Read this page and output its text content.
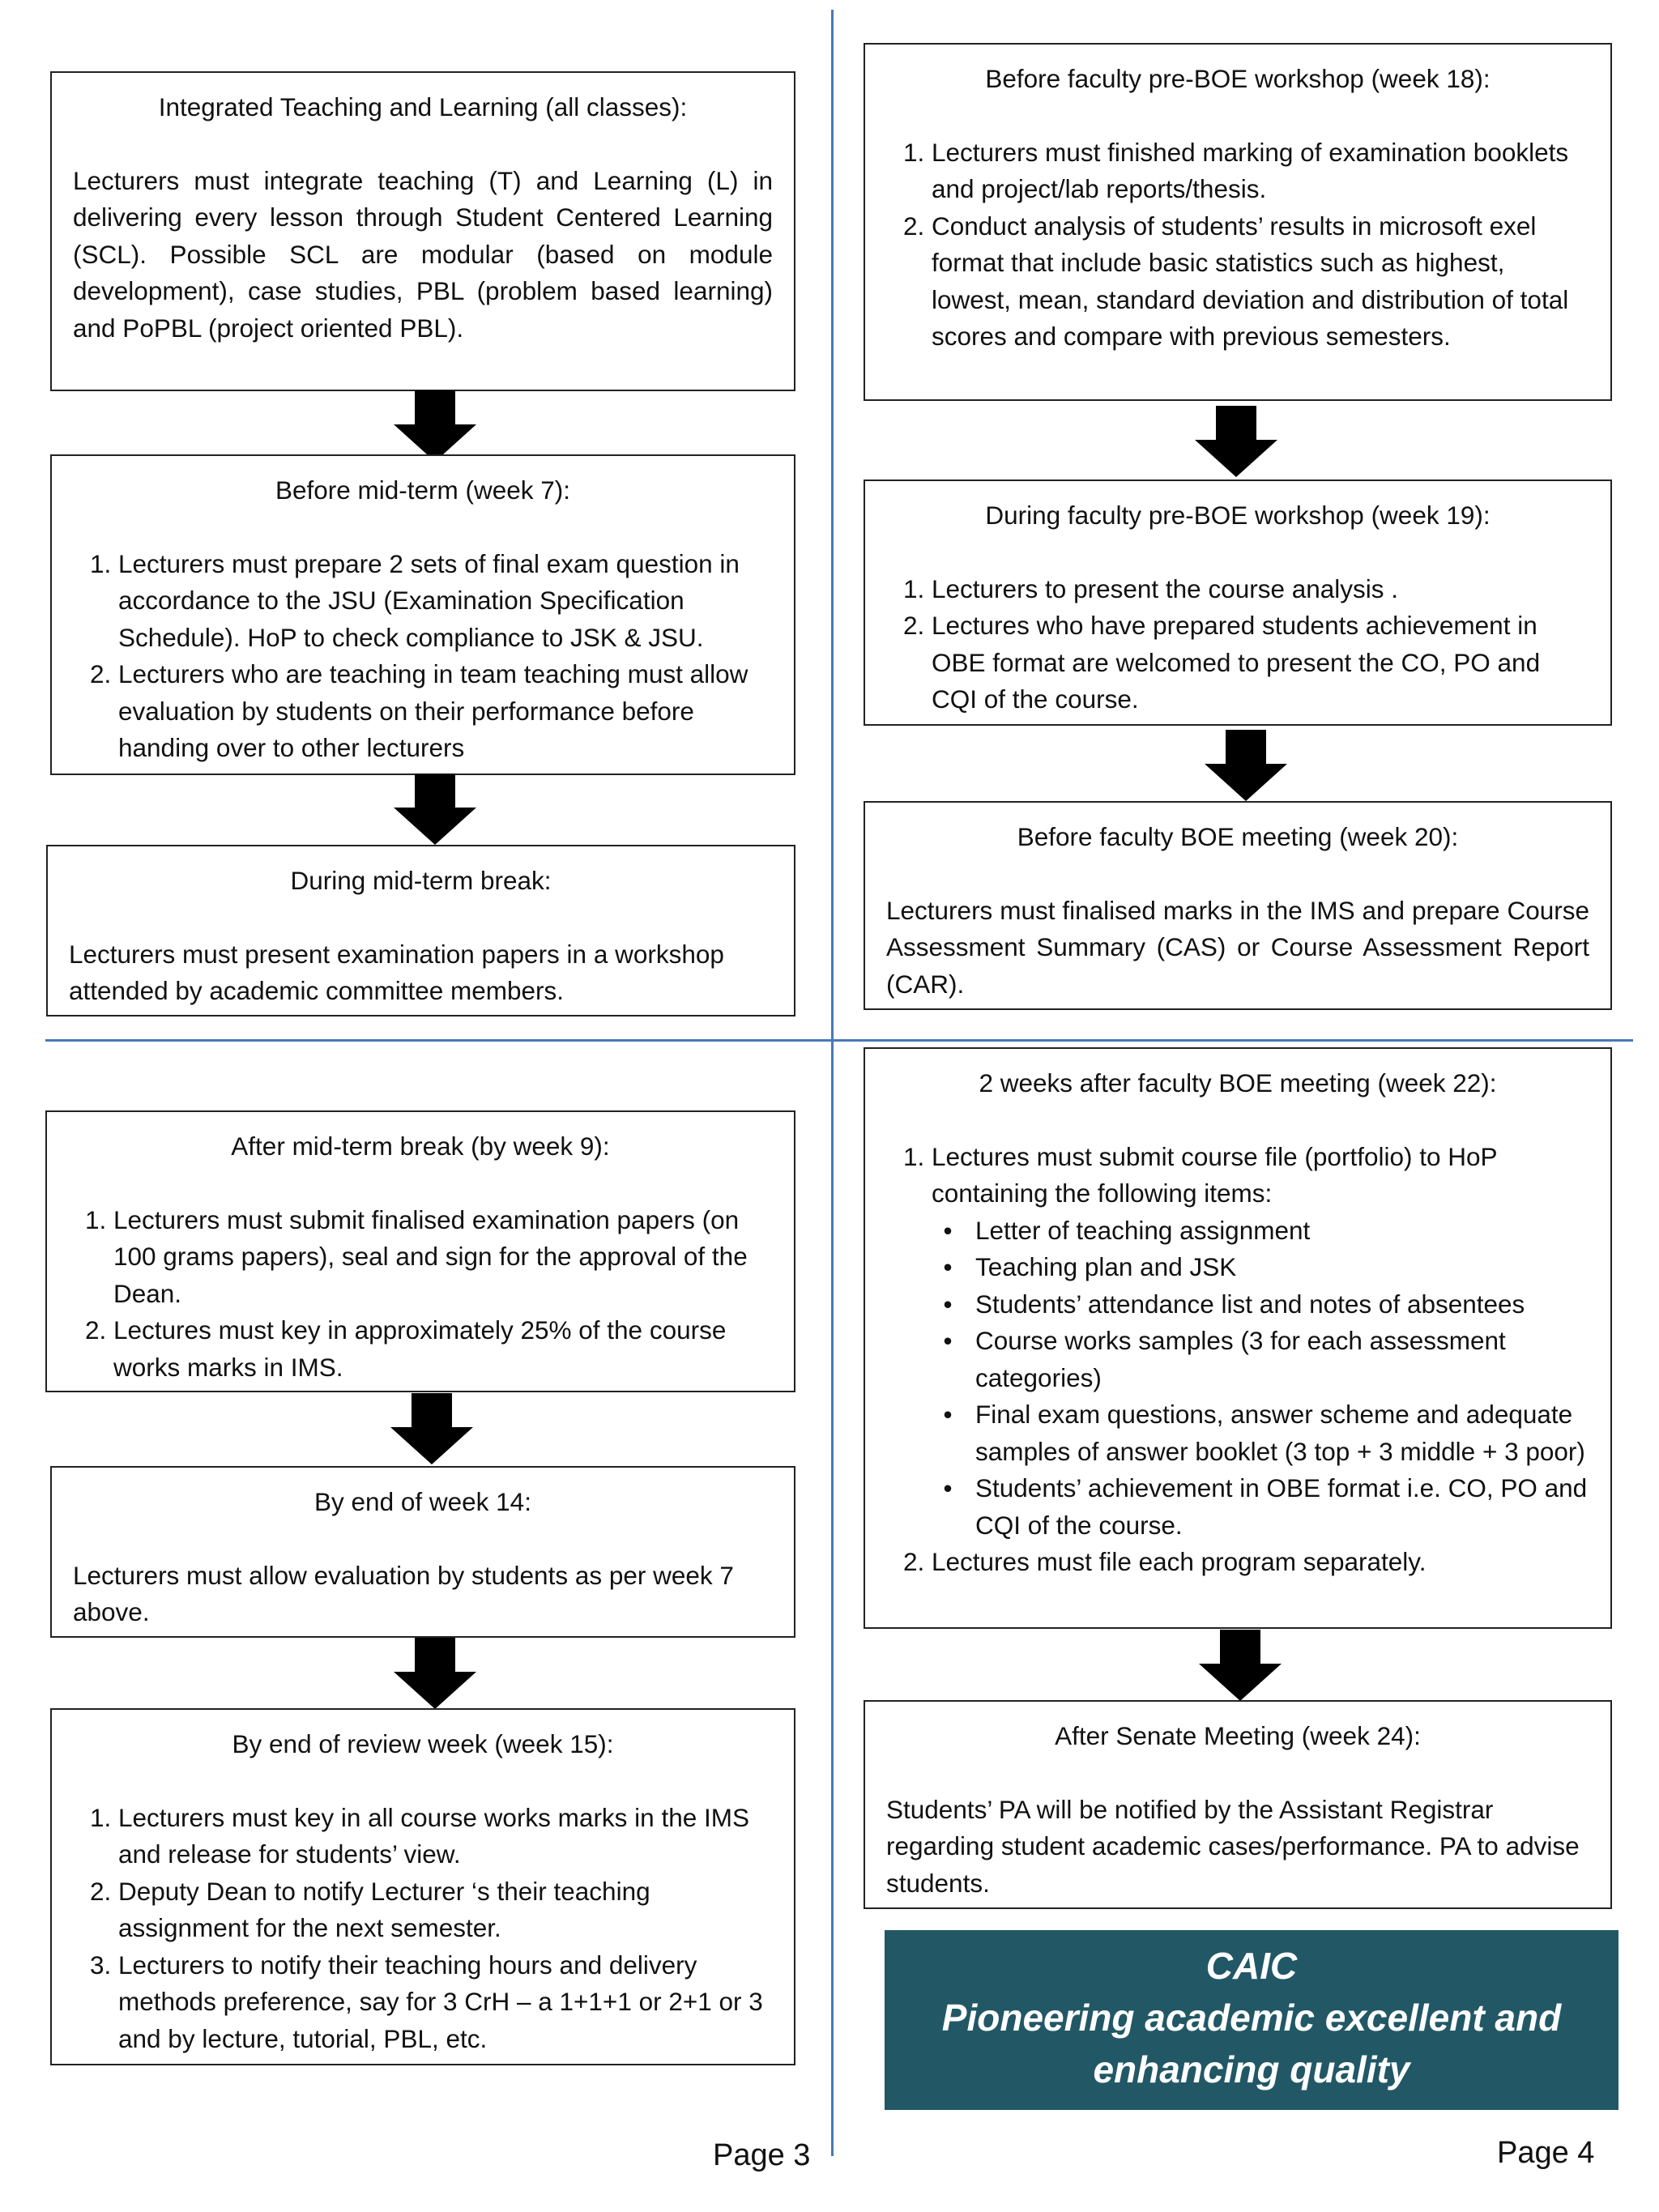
Integrated Teaching and Learning (all classes):

Lecturers must integrate teaching (T) and Learning (L) in delivering every lesson through Student Centered Learning (SCL). Possible SCL are modular (based on module development), case studies, PBL (problem based learning) and PoPBL (project oriented PBL).

Before mid-term (week 7):
1. Lecturers must prepare 2 sets of final exam question in accordance to the JSU (Examination Specification Schedule). HoP to check compliance to JSK & JSU.
2. Lecturers who are teaching in team teaching must allow evaluation by students on their performance before handing over to other lecturers
During mid-term break:

Lecturers must present examination papers in a workshop attended by academic committee members.

After mid-term break (by week 9):
1. Lecturers must submit finalised examination papers (on 100 grams papers), seal and sign for the approval of the Dean.
2. Lectures must key in approximately 25% of the course works marks in IMS.
By end of week 14:

Lecturers must allow evaluation by students as per week 7 above.

By end of review week (week 15):
1. Lecturers must key in all course works marks in the IMS and release for students’ view.
2. Deputy Dean to notify Lecturer ‘s their teaching assignment for the next semester.
3. Lecturers to notify their teaching hours and delivery methods preference, say for 3 CrH – a 1+1+1 or 2+1 or 3 and by lecture, tutorial, PBL, etc.
Page 3
Before faculty pre-BOE workshop (week 18):
1. Lecturers must finished marking of examination booklets and project/lab reports/thesis.
2. Conduct analysis of students’ results in microsoft exel format that include basic statistics such as highest, lowest, mean, standard deviation and distribution of total scores and compare with previous semesters.
During faculty pre-BOE workshop (week 19):
1. Lecturers to present the course analysis .
2. Lectures who have prepared students achievement in OBE format are welcomed to present the CO, PO and CQI of the course.
Before faculty BOE meeting (week 20):

Lecturers must finalised marks in the IMS and prepare Course Assessment Summary (CAS) or Course Assessment Report (CAR).

2 weeks after faculty BOE meeting (week 22):
1. Lectures must submit course file (portfolio) to HoP containing the following items:
• Letter of teaching assignment
• Teaching plan and JSK
• Students’ attendance list and notes of absentees
• Course works samples (3 for each assessment categories)
• Final exam questions, answer scheme and adequate samples of answer booklet (3 top + 3 middle + 3 poor)
• Students’ achievement in OBE format i.e. CO, PO and CQI of the course.
2. Lectures must file each program separately.
After Senate Meeting (week 24):

Students’ PA will be notified by the Assistant Registrar regarding student academic cases/performance. PA to advise students.

CAIC
Pioneering academic excellent and
enhancing quality
Page 4
